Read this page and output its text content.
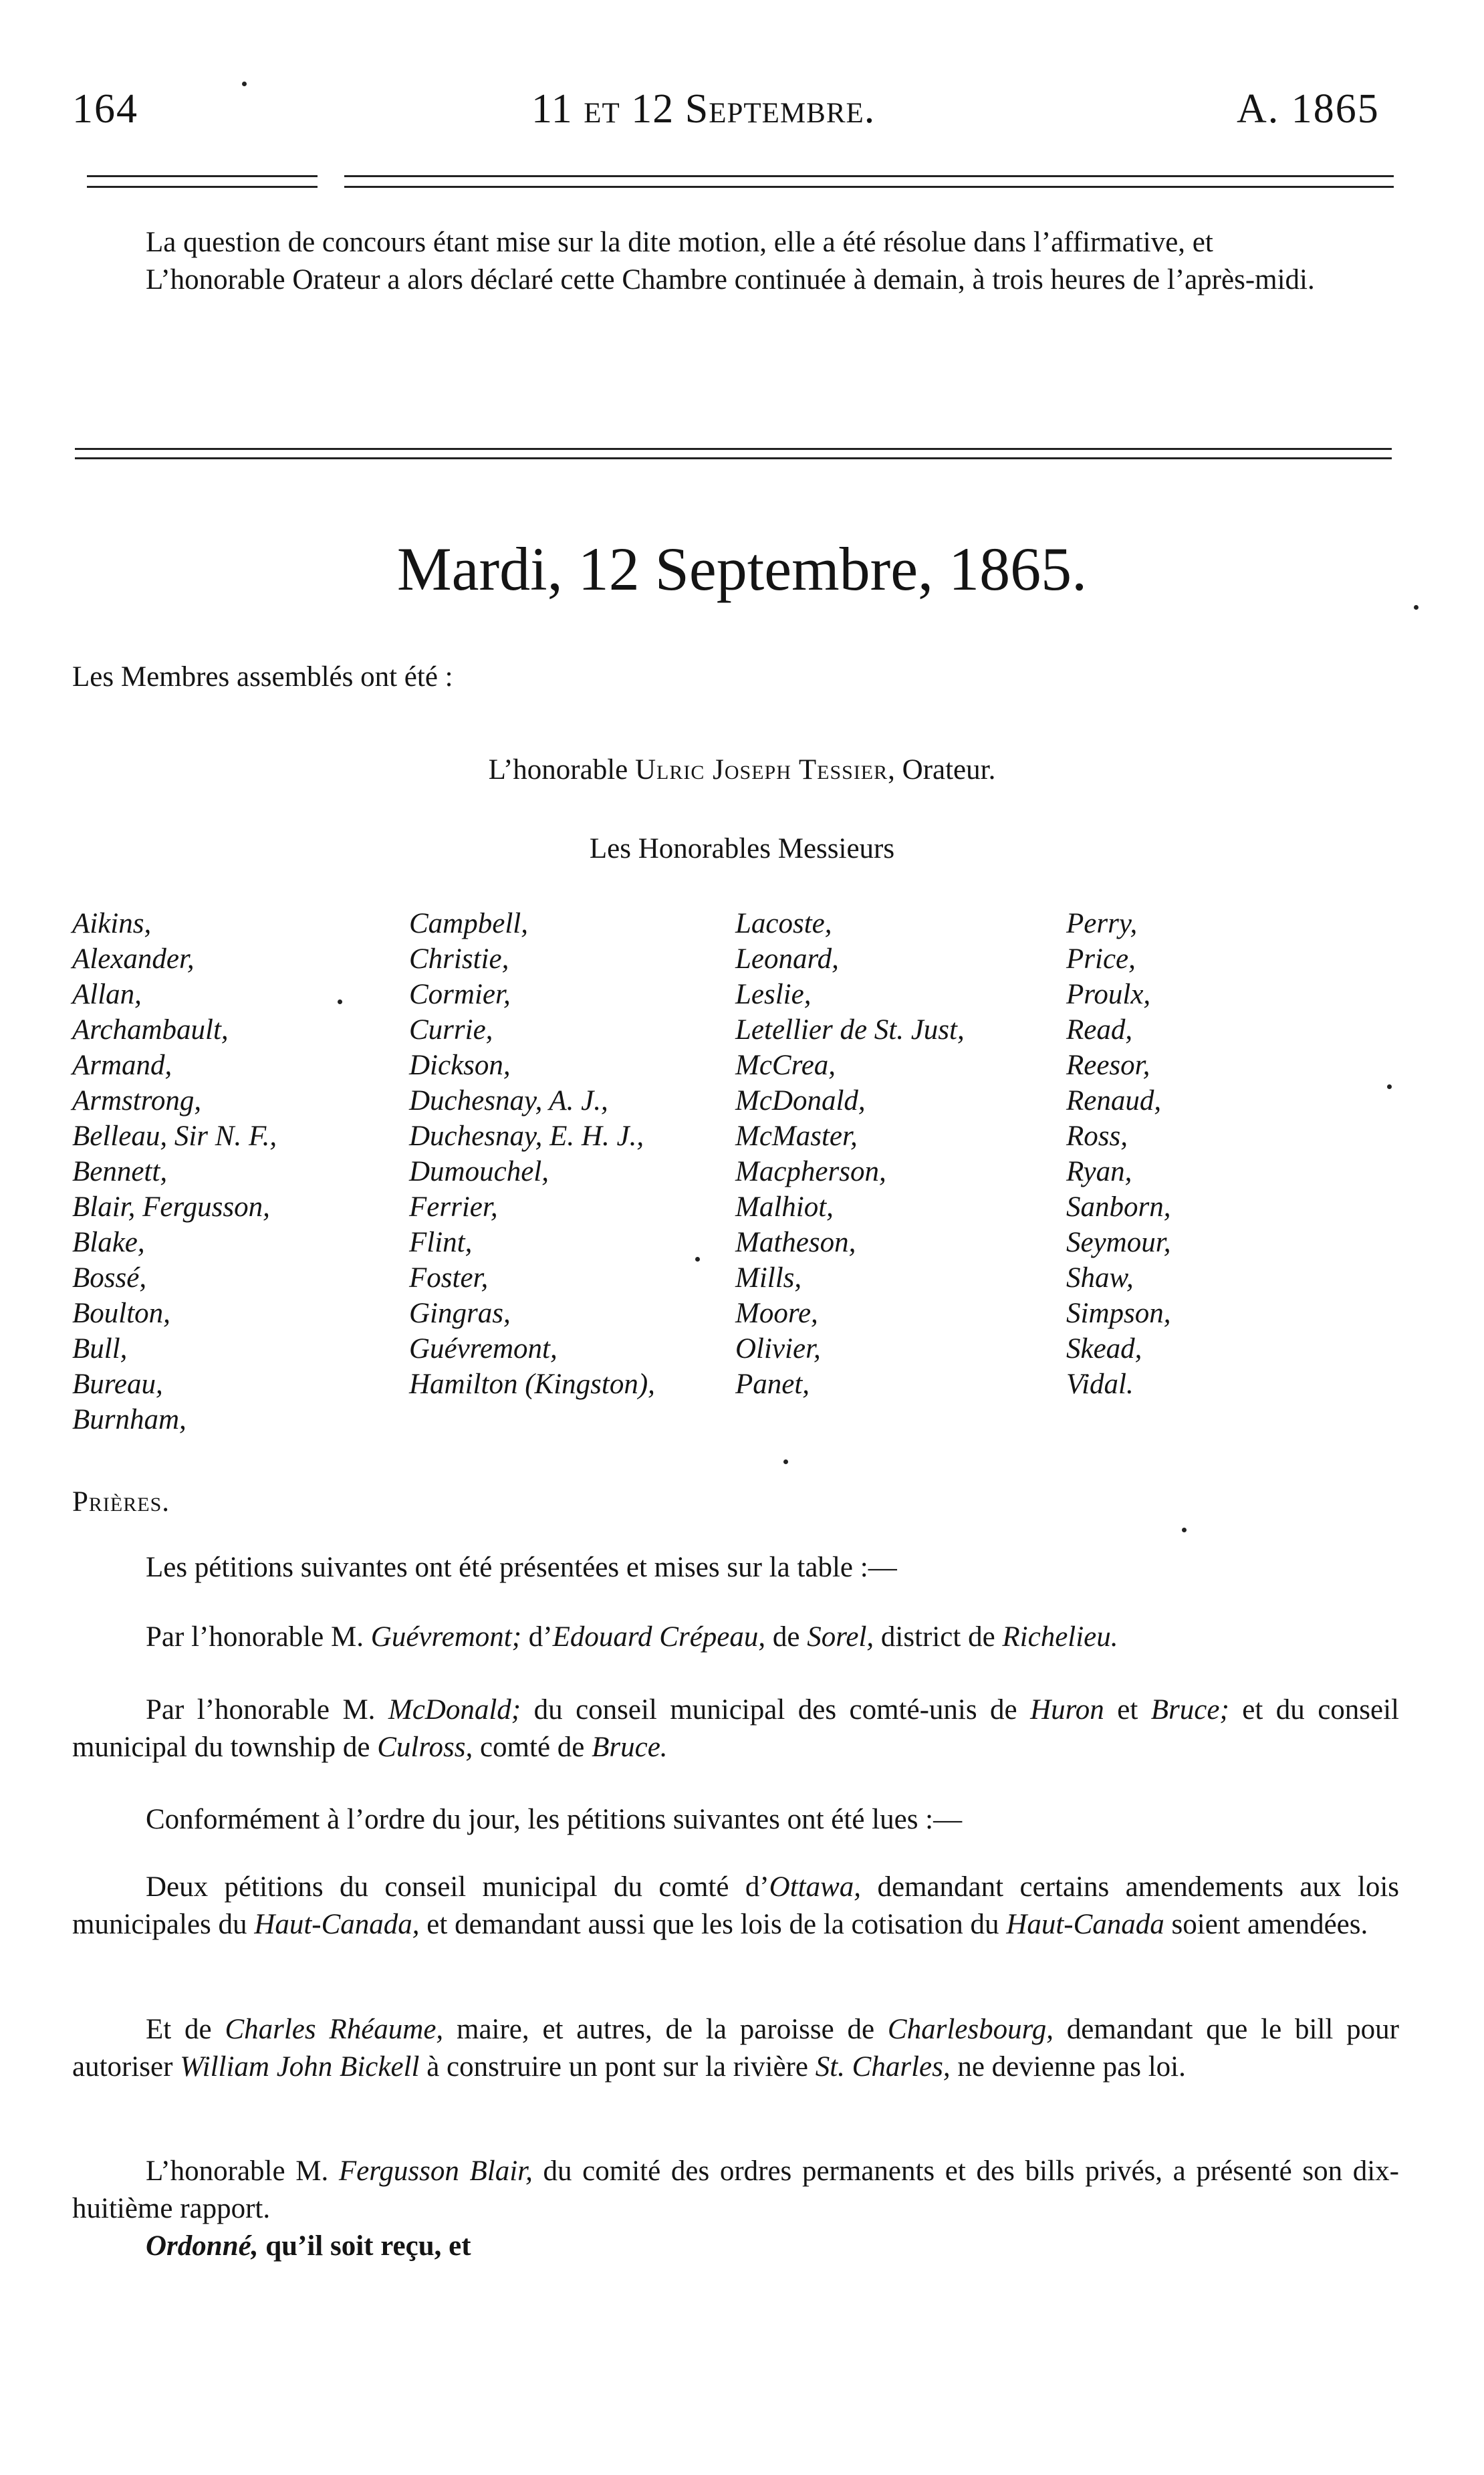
164	11 et 12 Septembre.	A. 1865

La question de concours étant mise sur la dite motion, elle a été résolue dans l’affirmative, et

L’honorable Orateur a alors déclaré cette Chambre continuée à demain, à trois heures de l’après-midi.

Mardi, 12 Septembre, 1865.
Les Membres assemblés ont été :
L’honorable Ulric Joseph Tessier, Orateur.
Les Honorables Messieurs
Aikins,
Alexander,
Allan,
Archambault,
Armand,
Armstrong,
Belleau, Sir N. F.,
Bennett,
Blair, Fergusson,
Blake,
Bossé,
Boulton,
Bull,
Bureau,
Burnham,
Campbell,
Christie,
Cormier,
Currie,
Dickson,
Duchesnay, A. J.,
Duchesnay, E. H. J.,
Dumouchel,
Ferrier,
Flint,
Foster,
Gingras,
Guévremont,
Hamilton (Kingston),
Lacoste,
Leonard,
Leslie,
Letellier de St. Just,
McCrea,
McDonald,
McMaster,
Macpherson,
Malhiot,
Matheson,
Mills,
Moore,
Olivier,
Panet,
Perry,
Price,
Proulx,
Read,
Reesor,
Renaud,
Ross,
Ryan,
Sanborn,
Seymour,
Shaw,
Simpson,
Skead,
Vidal.
Prières.
Les pétitions suivantes ont été présentées et mises sur la table :—

Par l’honorable M. Guévremont; d’Edouard Crépeau, de Sorel, district de Richelieu.

Par l’honorable M. McDonald; du conseil municipal des comté-unis de Huron et Bruce; et du conseil municipal du township de Culross, comté de Bruce.

Conformément à l’ordre du jour, les pétitions suivantes ont été lues :—

Deux pétitions du conseil municipal du comté d’Ottawa, demandant certains amendements aux lois municipales du Haut-Canada, et demandant aussi que les lois de la cotisation du Haut-Canada soient amendées.

Et de Charles Rhéaume, maire, et autres, de la paroisse de Charlesbourg, demandant que le bill pour autoriser William John Bickell à construire un pont sur la rivière St. Charles, ne devienne pas loi.

L’honorable M. Fergusson Blair, du comité des ordres permanents et des bills privés, a présenté son dix-huitième rapport.

Ordonné, qu’il soit reçu, et
